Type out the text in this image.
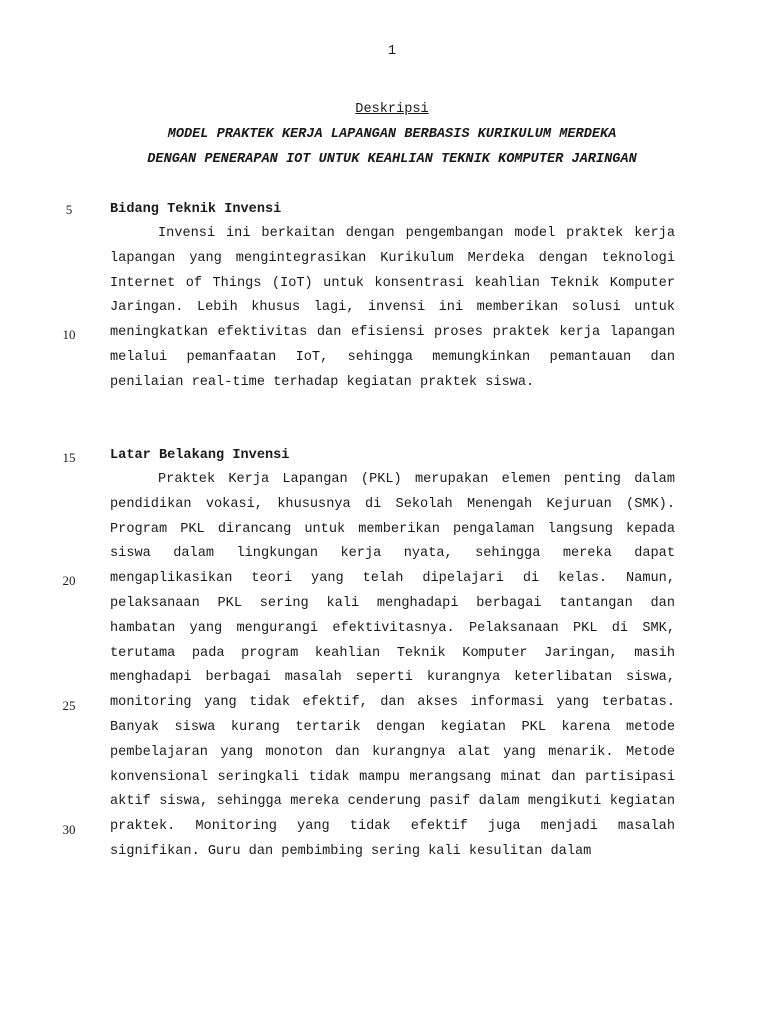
1
Deskripsi
MODEL PRAKTEK KERJA LAPANGAN BERBASIS KURIKULUM MERDEKA
DENGAN PENERAPAN IOT UNTUK KEAHLIAN TEKNIK KOMPUTER JARINGAN
5
10
15
20
25
30
Bidang Teknik Invensi

Invensi ini berkaitan dengan pengembangan model praktek kerja lapangan yang mengintegrasikan Kurikulum Merdeka dengan teknologi Internet of Things (IoT) untuk konsentrasi keahlian Teknik Komputer Jaringan. Lebih khusus lagi, invensi ini memberikan solusi untuk meningkatkan efektivitas dan efisiensi proses praktek kerja lapangan melalui pemanfaatan IoT, sehingga memungkinkan pemantauan dan penilaian real-time terhadap kegiatan praktek siswa.

Latar Belakang Invensi

Praktek Kerja Lapangan (PKL) merupakan elemen penting dalam pendidikan vokasi, khususnya di Sekolah Menengah Kejuruan (SMK). Program PKL dirancang untuk memberikan pengalaman langsung kepada siswa dalam lingkungan kerja nyata, sehingga mereka dapat mengaplikasikan teori yang telah dipelajari di kelas. Namun, pelaksanaan PKL sering kali menghadapi berbagai tantangan dan hambatan yang mengurangi efektivitasnya. Pelaksanaan PKL di SMK, terutama pada program keahlian Teknik Komputer Jaringan, masih menghadapi berbagai masalah seperti kurangnya keterlibatan siswa, monitoring yang tidak efektif, dan akses informasi yang terbatas. Banyak siswa kurang tertarik dengan kegiatan PKL karena metode pembelajaran yang monoton dan kurangnya alat yang menarik. Metode konvensional seringkali tidak mampu merangsang minat dan partisipasi aktif siswa, sehingga mereka cenderung pasif dalam mengikuti kegiatan praktek. Monitoring yang tidak efektif juga menjadi masalah signifikan. Guru dan pembimbing sering kali kesulitan dalam
